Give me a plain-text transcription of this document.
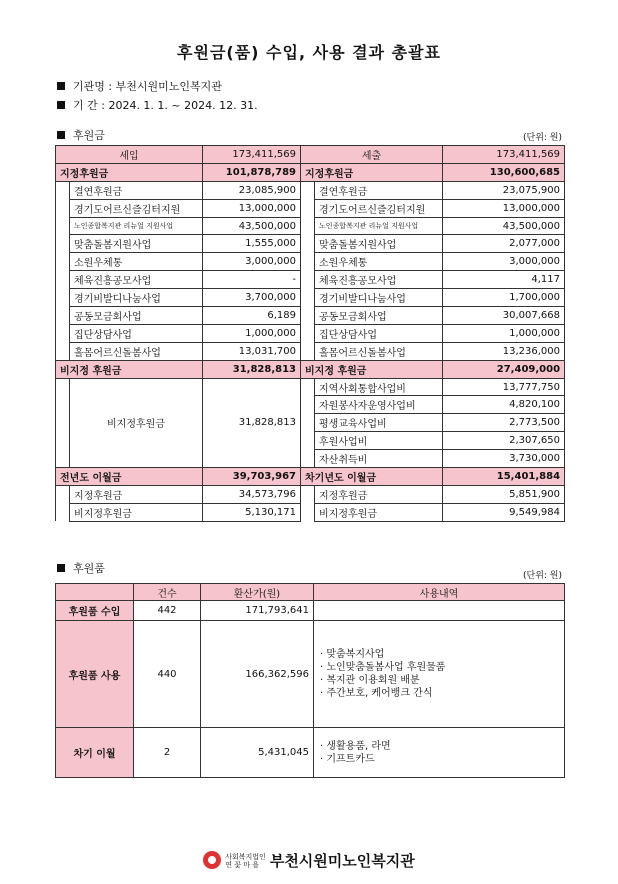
후원금(품) 수입, 사용 결과 총괄표
기관명 : 부천시원미노인복지관
기 간 : 2024. 1. 1. ~ 2024. 12. 31.
후원금	(단위: 원)
세입		173,411,569	세출		173,411,569
지정후원금		101,878,789	지정후원금		130,600,685
	결연후원금	23,085,900		결연후원금	23,075,900
	경기도어르신즐김터지원	13,000,000		경기도어르신즐김터지원	13,000,000
	노인종합복지관 리뉴얼 지원사업	43,500,000		노인종합복지관 리뉴얼 지원사업	43,500,000
	맞춤돌봄지원사업	1,555,000		맞춤돌봄지원사업	2,077,000
	소원우체통	3,000,000		소원우체통	3,000,000
	체육진흥공모사업	-		체육진흥공모사업	4,117
	경기비발디나눔사업	3,700,000		경기비발디나눔사업	1,700,000
	공동모금회사업	6,189		공동모금회사업	30,007,668
	집단상담사업	1,000,000		집단상담사업	1,000,000
	홀몸어르신돌봄사업	13,031,700		홀몸어르신돌봄사업	13,236,000
비지정 후원금		31,828,813	비지정 후원금		27,409,000
	비지정후원금	31,828,813		지역사회통합사업비	13,777,750
				자원봉사자운영사업비	4,820,100
				평생교육사업비	2,773,500
				후원사업비	2,307,650
				자산취득비	3,730,000
전년도 이월금		39,703,967	차기년도 이월금		15,401,884
	지정후원금	34,573,796		지정후원금	5,851,900
	비지정후원금	5,130,171		비지정후원금	9,549,984
후원품
(단위: 원)
	건수	환산가(원)	사용내역
후원품 수입	442	171,793,641	
후원품 사용	440	166,362,596	· 맞춤복지사업
· 노인맞춤돌봄사업 후원물품
· 복지관 이용회원 배분
· 주간보호, 케어뱅크 간식

차기 이월	2	5,431,045	· 생활용품, 라면
· 기프트카드
사회복지법인
연 꽃 마 을 부천시원미노인복지관
